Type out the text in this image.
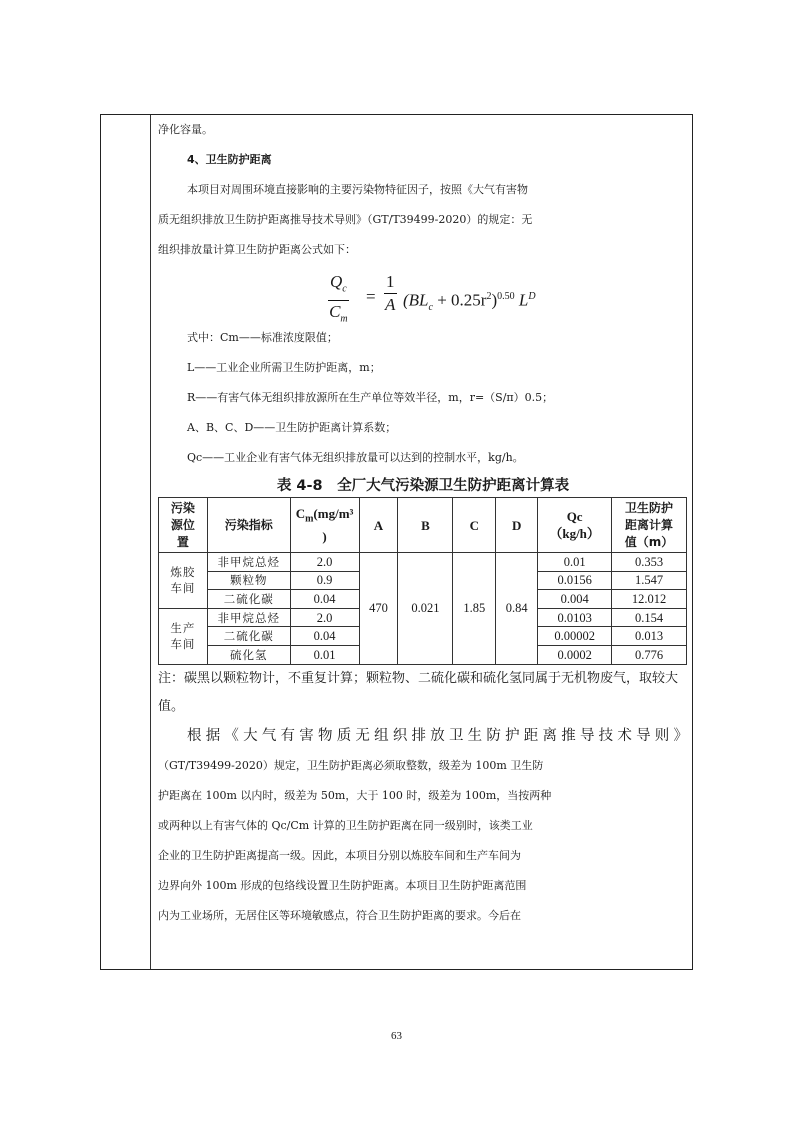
净化容量。

4、卫生防护距离

本项目对周围环境直接影响的主要污染物特征因子，按照《大气有害物

质无组织排放卫生防护距离推导技术导则》（GT/T39499-2020）的规定：无

组织排放量计算卫生防护距离公式如下：

$\frac{Q_c}{C_m} = \frac{1}{A} (BL_c + 0.25r^2)^{0.50}$ $L^D$

式中：Cm——标准浓度限值；

L——工业企业所需卫生防护距离，m；

R——有害气体无组织排放源所在生产单位等效半径，m，r=（S/π）0.5；

A、B、C、D——卫生防护距离计算系数；

Qc——工业企业有害气体无组织排放量可以达到的控制水平，kg/h。

表 4-8　全厂大气污染源卫生防护距离计算表
污染
源位
置	污染指标	$C_m(mg/m^3$
)	A	B	C	D	Qc
（kg/h）	卫生防护
距离计算
值（m）
炼胶
车间	非甲烷总烃	2.0	470	0.021	1.85	0.84	0.01	0.353
颗粒物	0.9	0.0156	1.547
二硫化碳	0.04	0.004	12.012
生产
车间	非甲烷总烃	2.0	0.0103	0.154
二硫化碳	0.04	0.00002	0.013
硫化氢	0.01	0.0002	0.776

注：碳黑以颗粒物计，不重复计算；颗粒物、二硫化碳和硫化氢同属于无机物废气，取较大值。

根据《大气有害物质无组织排放卫生防护距离推导技术导则》

（GT/T39499-2020）规定，卫生防护距离必须取整数，级差为 100m 卫生防

护距离在 100m 以内时，级差为 50m，大于 100 时，级差为 100m，当按两种

或两种以上有害气体的 Qc/Cm 计算的卫生防护距离在同一级别时，该类工业

企业的卫生防护距离提高一级。因此，本项目分别以炼胶车间和生产车间为

边界向外 100m 形成的包络线设置卫生防护距离。本项目卫生防护距离范围

内为工业场所，无居住区等环境敏感点，符合卫生防护距离的要求。今后在

63
